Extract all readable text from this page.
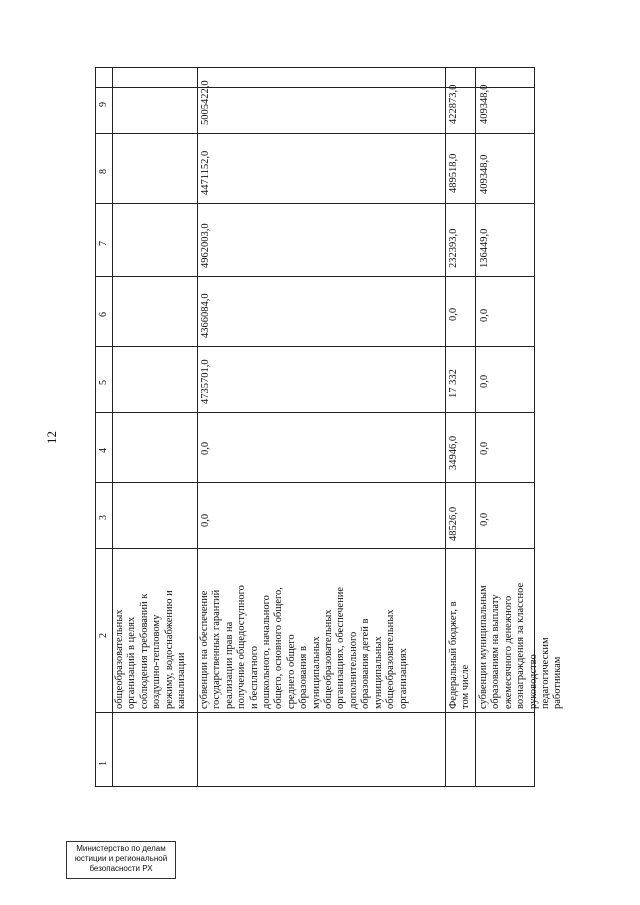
12
1
2
3
4
5
6
7
8
9
общеобразовательных организаций в целях соблюдения требований к воздушно-тепловому режиму, водоснабжению и канализации субвенции на обеспечение государственных гарантий реализации прав на получение общедоступного и бесплатного дошкольного, начального общего, основного общего, среднего общего образования в муниципальных общеобразовательных организациях, обеспечение дополнительного образования детей в муниципальных общеобразовательных организациях
0,0
0,0
4735701,0
4366084,0
4962003,0
4471152,0
5005422,0
Федеральный бюджет, в том числе
48526,0
34946,0
17 332
0,0
232393,0
489518,0
422873,0
субвенции муниципальным образованиям на выплату ежемесячного денежного вознаграждения за классное руководство педагогическим работникам
0,0
0,0
0,0
0,0
136449,0
409348,0
409348,0
Министерство по делам
юстиции и региональной
безопасности РХ
